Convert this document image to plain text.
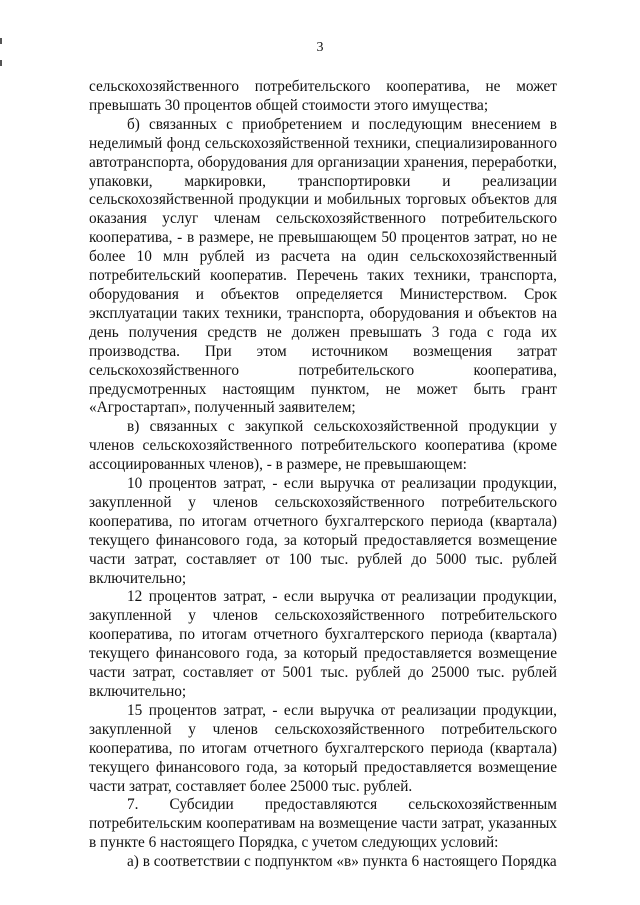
3

сельскохозяйственного потребительского кооператива, не может превышать 30 процентов общей стоимости этого имущества;

б) связанных с приобретением и последующим внесением в неделимый фонд сельскохозяйственной техники, специализированного автотранспорта, оборудования для организации хранения, переработки, упаковки, маркировки, транспортировки и реализации сельскохозяйственной продукции и мобильных торговых объектов для оказания услуг членам сельскохозяйственного потребительского кооператива, - в размере, не превышающем 50 процентов затрат, но не более 10 млн рублей из расчета на один сельскохозяйственный потребительский кооператив. Перечень таких техники, транспорта, оборудования и объектов определяется Министерством. Срок эксплуатации таких техники, транспорта, оборудования и объектов на день получения средств не должен превышать 3 года с года их производства. При этом источником возмещения затрат сельскохозяйственного потребительского кооператива, предусмотренных настоящим пунктом, не может быть грант «Агростартап», полученный заявителем;

в) связанных с закупкой сельскохозяйственной продукции у членов сельскохозяйственного потребительского кооператива (кроме ассоциированных членов), - в размере, не превышающем:

10 процентов затрат, - если выручка от реализации продукции, закупленной у членов сельскохозяйственного потребительского кооператива, по итогам отчетного бухгалтерского периода (квартала) текущего финансового года, за который предоставляется возмещение части затрат, составляет от 100 тыс. рублей до 5000 тыс. рублей включительно;

12 процентов затрат, - если выручка от реализации продукции, закупленной у членов сельскохозяйственного потребительского кооператива, по итогам отчетного бухгалтерского периода (квартала) текущего финансового года, за который предоставляется возмещение части затрат, составляет от 5001 тыс. рублей до 25000 тыс. рублей включительно;

15 процентов затрат, - если выручка от реализации продукции, закупленной у членов сельскохозяйственного потребительского кооператива, по итогам отчетного бухгалтерского периода (квартала) текущего финансового года, за который предоставляется возмещение части затрат, составляет более 25000 тыс. рублей.

7. Субсидии предоставляются сельскохозяйственным потребительским кооперативам на возмещение части затрат, указанных в пункте 6 настоящего Порядка, с учетом следующих условий:

а) в соответствии с подпунктом «в» пункта 6 настоящего Порядка
